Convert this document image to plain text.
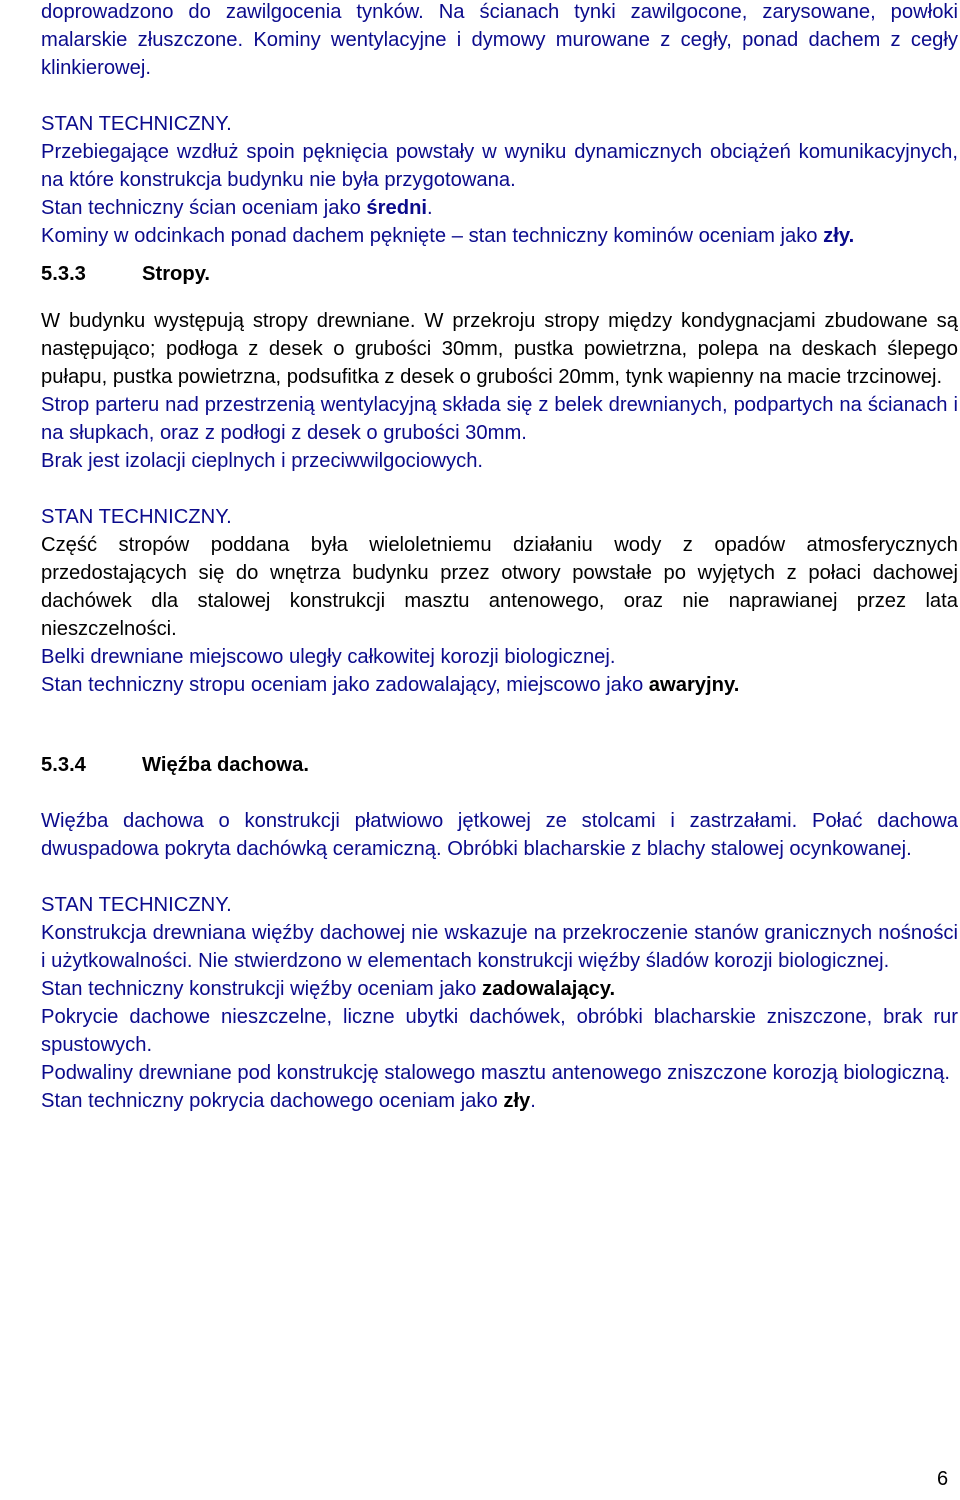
doprowadzono do zawilgocenia tynków. Na ścianach tynki zawilgocone, zarysowane, powłoki malarskie złuszczone. Kominy wentylacyjne i dymowy murowane z cegły, ponad dachem z cegły klinkierowej.

STAN TECHNICZNY.

Przebiegające wzdłuż spoin pęknięcia powstały w wyniku dynamicznych obciążeń komunikacyjnych, na które konstrukcja budynku nie była przygotowana.

Stan techniczny ścian oceniam jako średni.

Kominy w odcinkach ponad dachem pęknięte – stan techniczny kominów oceniam jako zły.

5.3.3	Stropy.

W budynku występują stropy drewniane. W przekroju stropy między kondygnacjami zbudowane są następująco; podłoga z desek o grubości 30mm, pustka powietrzna, polepa na deskach ślepego pułapu, pustka powietrzna, podsufitka z desek o grubości 20mm, tynk wapienny na macie trzcinowej.

Strop parteru nad przestrzenią wentylacyjną składa się z belek drewnianych, podpartych na ścianach i na słupkach, oraz z podłogi z desek o grubości 30mm.

Brak jest izolacji cieplnych i przeciwwilgociowych.

STAN TECHNICZNY.

Część stropów poddana była wieloletniemu działaniu wody z opadów atmosferycznych przedostających się do wnętrza budynku przez otwory powstałe po wyjętych z połaci dachowej dachówek dla stalowej konstrukcji masztu antenowego, oraz nie naprawianej przez lata nieszczelności.

Belki drewniane miejscowo uległy całkowitej korozji biologicznej.

Stan techniczny stropu oceniam jako zadowalający, miejscowo jako awaryjny.

5.3.4	Więźba dachowa.

Więźba dachowa o konstrukcji płatwiowo jętkowej ze stolcami i zastrzałami. Połać dachowa dwuspadowa pokryta dachówką ceramiczną. Obróbki blacharskie z blachy stalowej ocynkowanej.

STAN TECHNICZNY.

Konstrukcja drewniana więźby dachowej nie wskazuje na przekroczenie stanów granicznych nośności i użytkowalności. Nie stwierdzono w elementach konstrukcji więźby śladów korozji biologicznej.

Stan techniczny konstrukcji więźby oceniam jako zadowalający.

Pokrycie dachowe nieszczelne, liczne ubytki dachówek, obróbki blacharskie zniszczone, brak rur spustowych.

Podwaliny drewniane pod konstrukcję stalowego masztu antenowego zniszczone korozją biologiczną.

Stan techniczny pokrycia dachowego oceniam jako zły.

6
